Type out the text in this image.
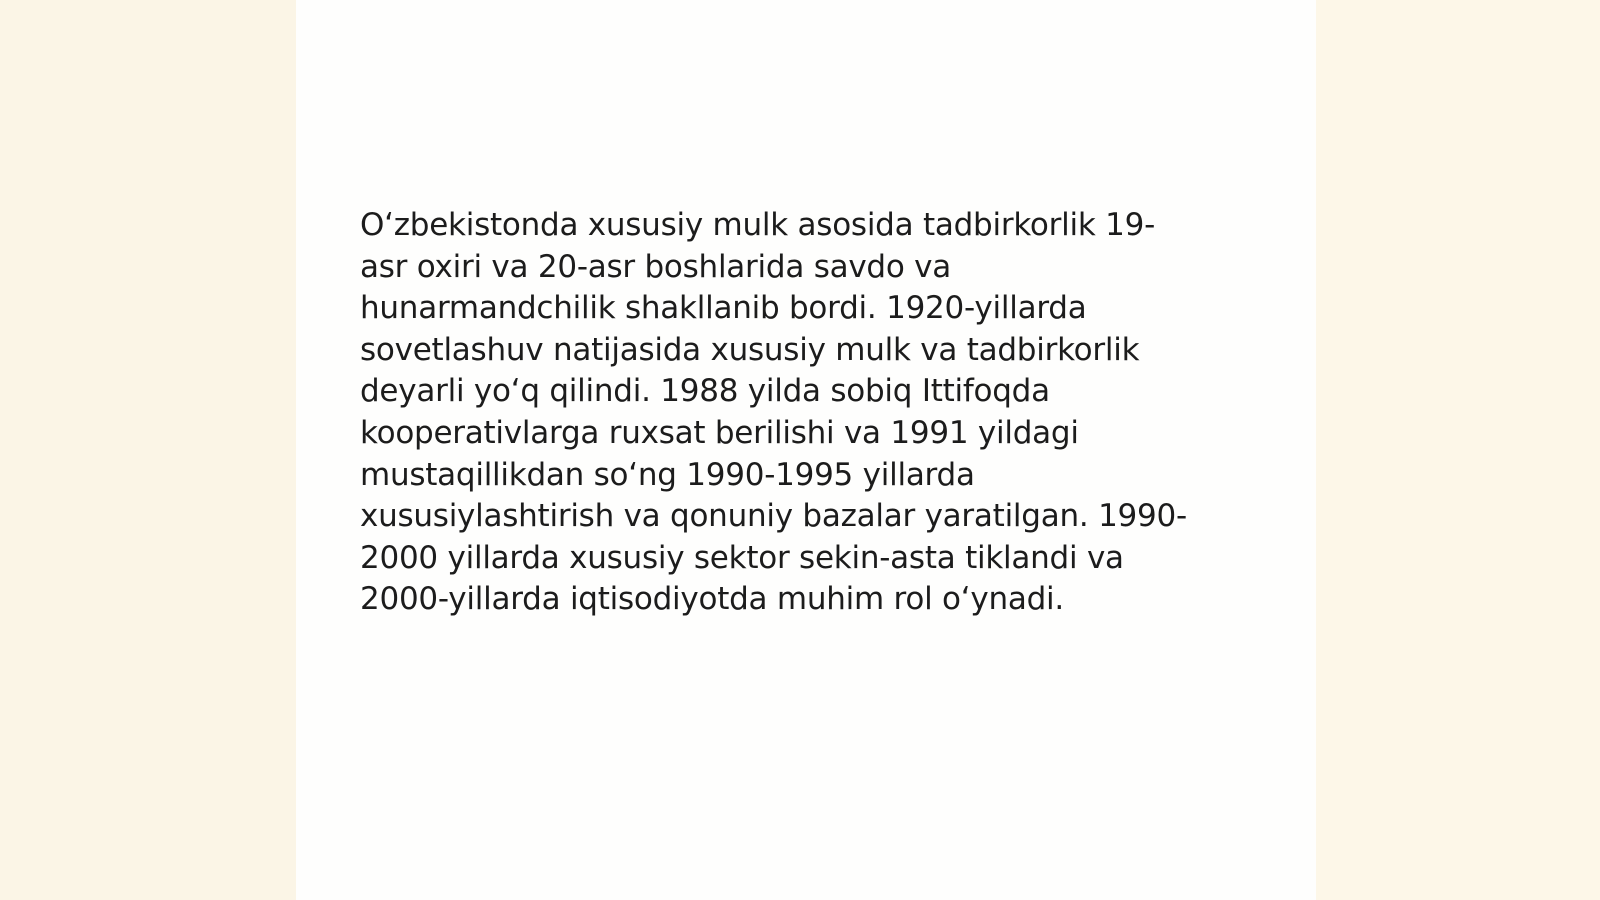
Oʻzbekistonda xususiy mulk asosida tadbirkorlik 19-
asr oxiri va 20-asr boshlarida savdo va
hunarmandchilik shakllanib bordi. 1920-yillarda
sovetlashuv natijasida xususiy mulk va tadbirkorlik
deyarli yoʻq qilindi. 1988 yilda sobiq Ittifoqda
kooperativlarga ruxsat berilishi va 1991 yildagi
mustaqillikdan soʻng 1990-1995 yillarda
xususiylashtirish va qonuniy bazalar yaratilgan. 1990-
2000 yillarda xususiy sektor sekin-asta tiklandi va
2000-yillarda iqtisodiyotda muhim rol oʻynadi.
